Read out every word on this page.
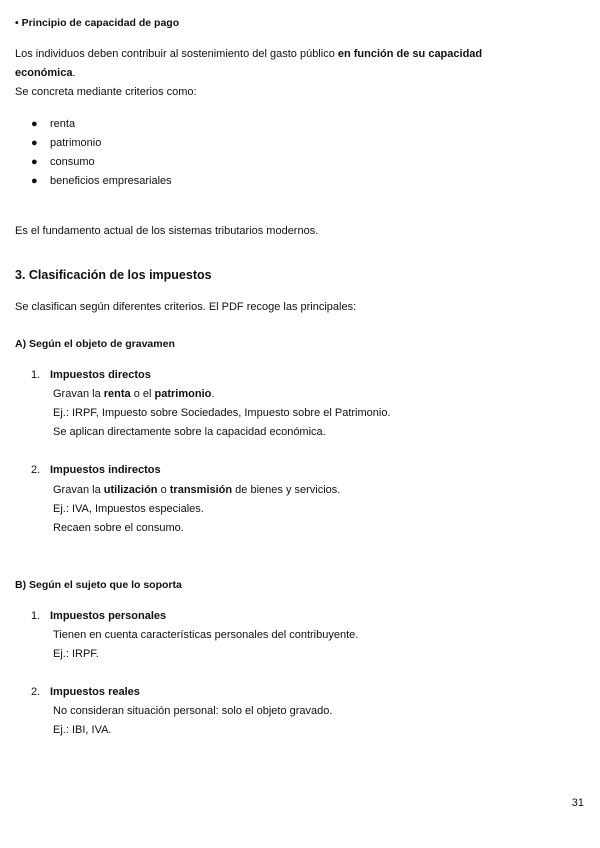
• Principio de capacidad de pago
Los individuos deben contribuir al sostenimiento del gasto público en función de su capacidad
económica.
Se concreta mediante criterios como:
● renta
● patrimonio
● consumo
● beneficios empresariales
Es el fundamento actual de los sistemas tributarios modernos.
3. Clasificación de los impuestos
Se clasifican según diferentes criterios. El PDF recoge las principales:
A) Según el objeto de gravamen
1. Impuestos directos
Gravan la renta o el patrimonio.
Ej.: IRPF, Impuesto sobre Sociedades, Impuesto sobre el Patrimonio.
Se aplican directamente sobre la capacidad económica.
2. Impuestos indirectos
Gravan la utilización o transmisión de bienes y servicios.
Ej.: IVA, Impuestos especiales.
Recaen sobre el consumo.
B) Según el sujeto que lo soporta
1. Impuestos personales
Tienen en cuenta características personales del contribuyente.
Ej.: IRPF.
2. Impuestos reales
No consideran situación personal: solo el objeto gravado.
Ej.: IBI, IVA.
31
